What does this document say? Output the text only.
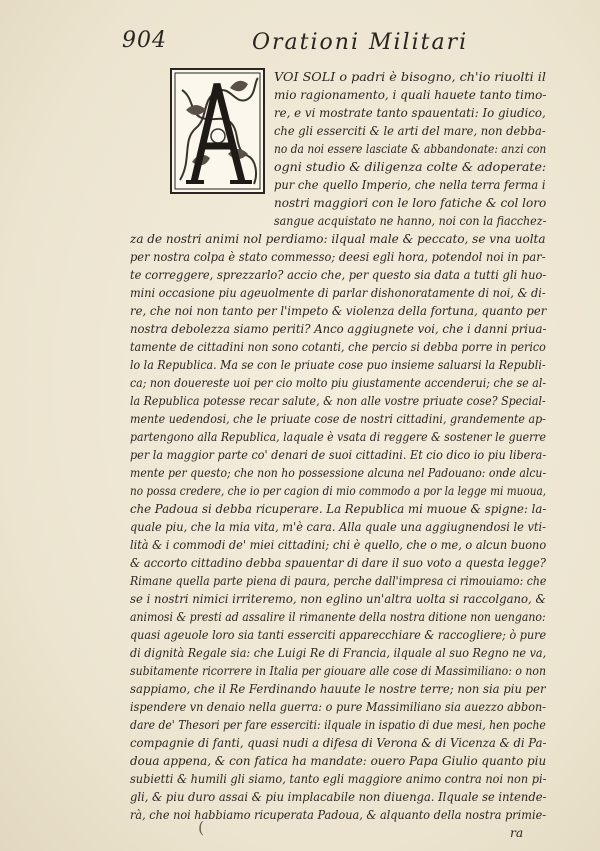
904	Orationi Militari
VOI SOLI o padri è bisogno, ch'io riuolti il
mio ragionamento, i quali hauete tanto timo-
re, e vi mostrate tanto spauentati: Io giudico,
che gli esserciti & le arti del mare, non debba-
no da noi essere lasciate & abbandonate: anzi con
ogni studio & diligenza colte & adoperate:
pur che quello Imperio, che nella terra ferma i
nostri maggiori con le loro fatiche & col loro
sangue acquistato ne hanno, noi con la fiacchez-
za de nostri animi nol perdiamo: ilqual male & peccato, se vna uolta
per nostra colpa è stato commesso; deesi egli hora, potendol noi in par-
te correggere, sprezzarlo? accio che, per questo sia data a tutti gli huo-
mini occasione piu ageuolmente di parlar dishonoratamente di noi, & di-
re, che noi non tanto per l'impeto & violenza della fortuna, quanto per
nostra debolezza siamo periti? Anco aggiugnete voi, che i danni priua-
tamente de cittadini non sono cotanti, che percio si debba porre in perico
lo la Republica. Ma se con le priuate cose puo insieme saluarsi la Republi-
ca; non douereste uoi per cio molto piu giustamente accenderui; che se al-
la Republica potesse recar salute, & non alle vostre priuate cose? Special-
mente uedendosi, che le priuate cose de nostri cittadini, grandemente ap-
partengono alla Republica, laquale è vsata di reggere & sostener le guerre
per la maggior parte co' denari de suoi cittadini. Et cio dico io piu libera-
mente per questo; che non ho possessione alcuna nel Padouano: onde alcu-
no possa credere, che io per cagion di mio commodo a por la legge mi muoua,
che Padoua si debba ricuperare. La Republica mi muoue & spigne: la-
quale piu, che la mia vita, m'è cara. Alla quale una aggiugnendosi le vti-
lità & i commodi de' miei cittadini; chi è quello, che o me, o alcun buono
& accorto cittadino debba spauentar di dare il suo voto a questa legge?
Rimane quella parte piena di paura, perche dall'impresa ci rimouiamo: che
se i nostri nimici irriteremo, non eglino un'altra uolta si raccolgano, &
animosi & presti ad assalire il rimanente della nostra ditione non uengano:
quasi ageuole loro sia tanti esserciti apparecchiare & raccogliere; ò pure
di dignità Regale sia: che Luigi Re di Francia, ilquale al suo Regno ne va,
subitamente ricorrere in Italia per giouare alle cose di Massimiliano: o non
sappiamo, che il Re Ferdinando hauute le nostre terre; non sia piu per
ispendere vn denaio nella guerra: o pure Massimiliano sia auezzo abbon-
dare de' Thesori per fare esserciti: ilquale in ispatio di due mesi, hen poche
compagnie di fanti, quasi nudi a difesa di Verona & di Vicenza & di Pa-
doua appena, & con fatica ha mandate: ouero Papa Giulio quanto piu
subietti & humili gli siamo, tanto egli maggiore animo contra noi non pi-
gli, & piu duro assai & piu implacabile non diuenga. Ilquale se intende-
rà, che noi habbiamo ricuperata Padoua, & alquanto della nostra primie-
ra
(
